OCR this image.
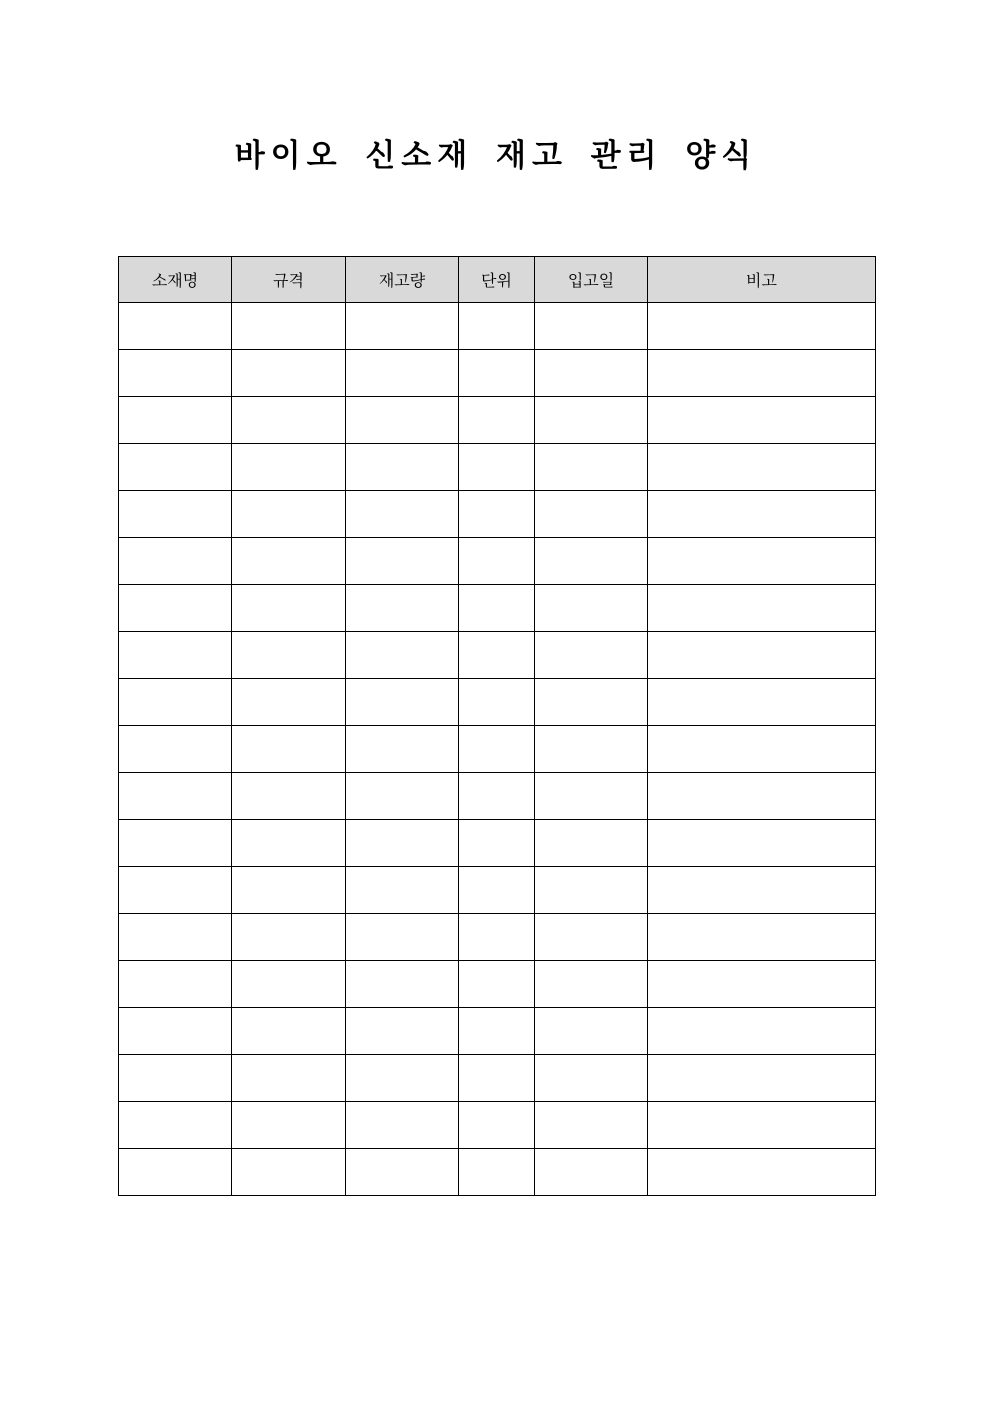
바이오 신소재 재고 관리 양식
소재명	규격	재고량	단위	입고일	비고
